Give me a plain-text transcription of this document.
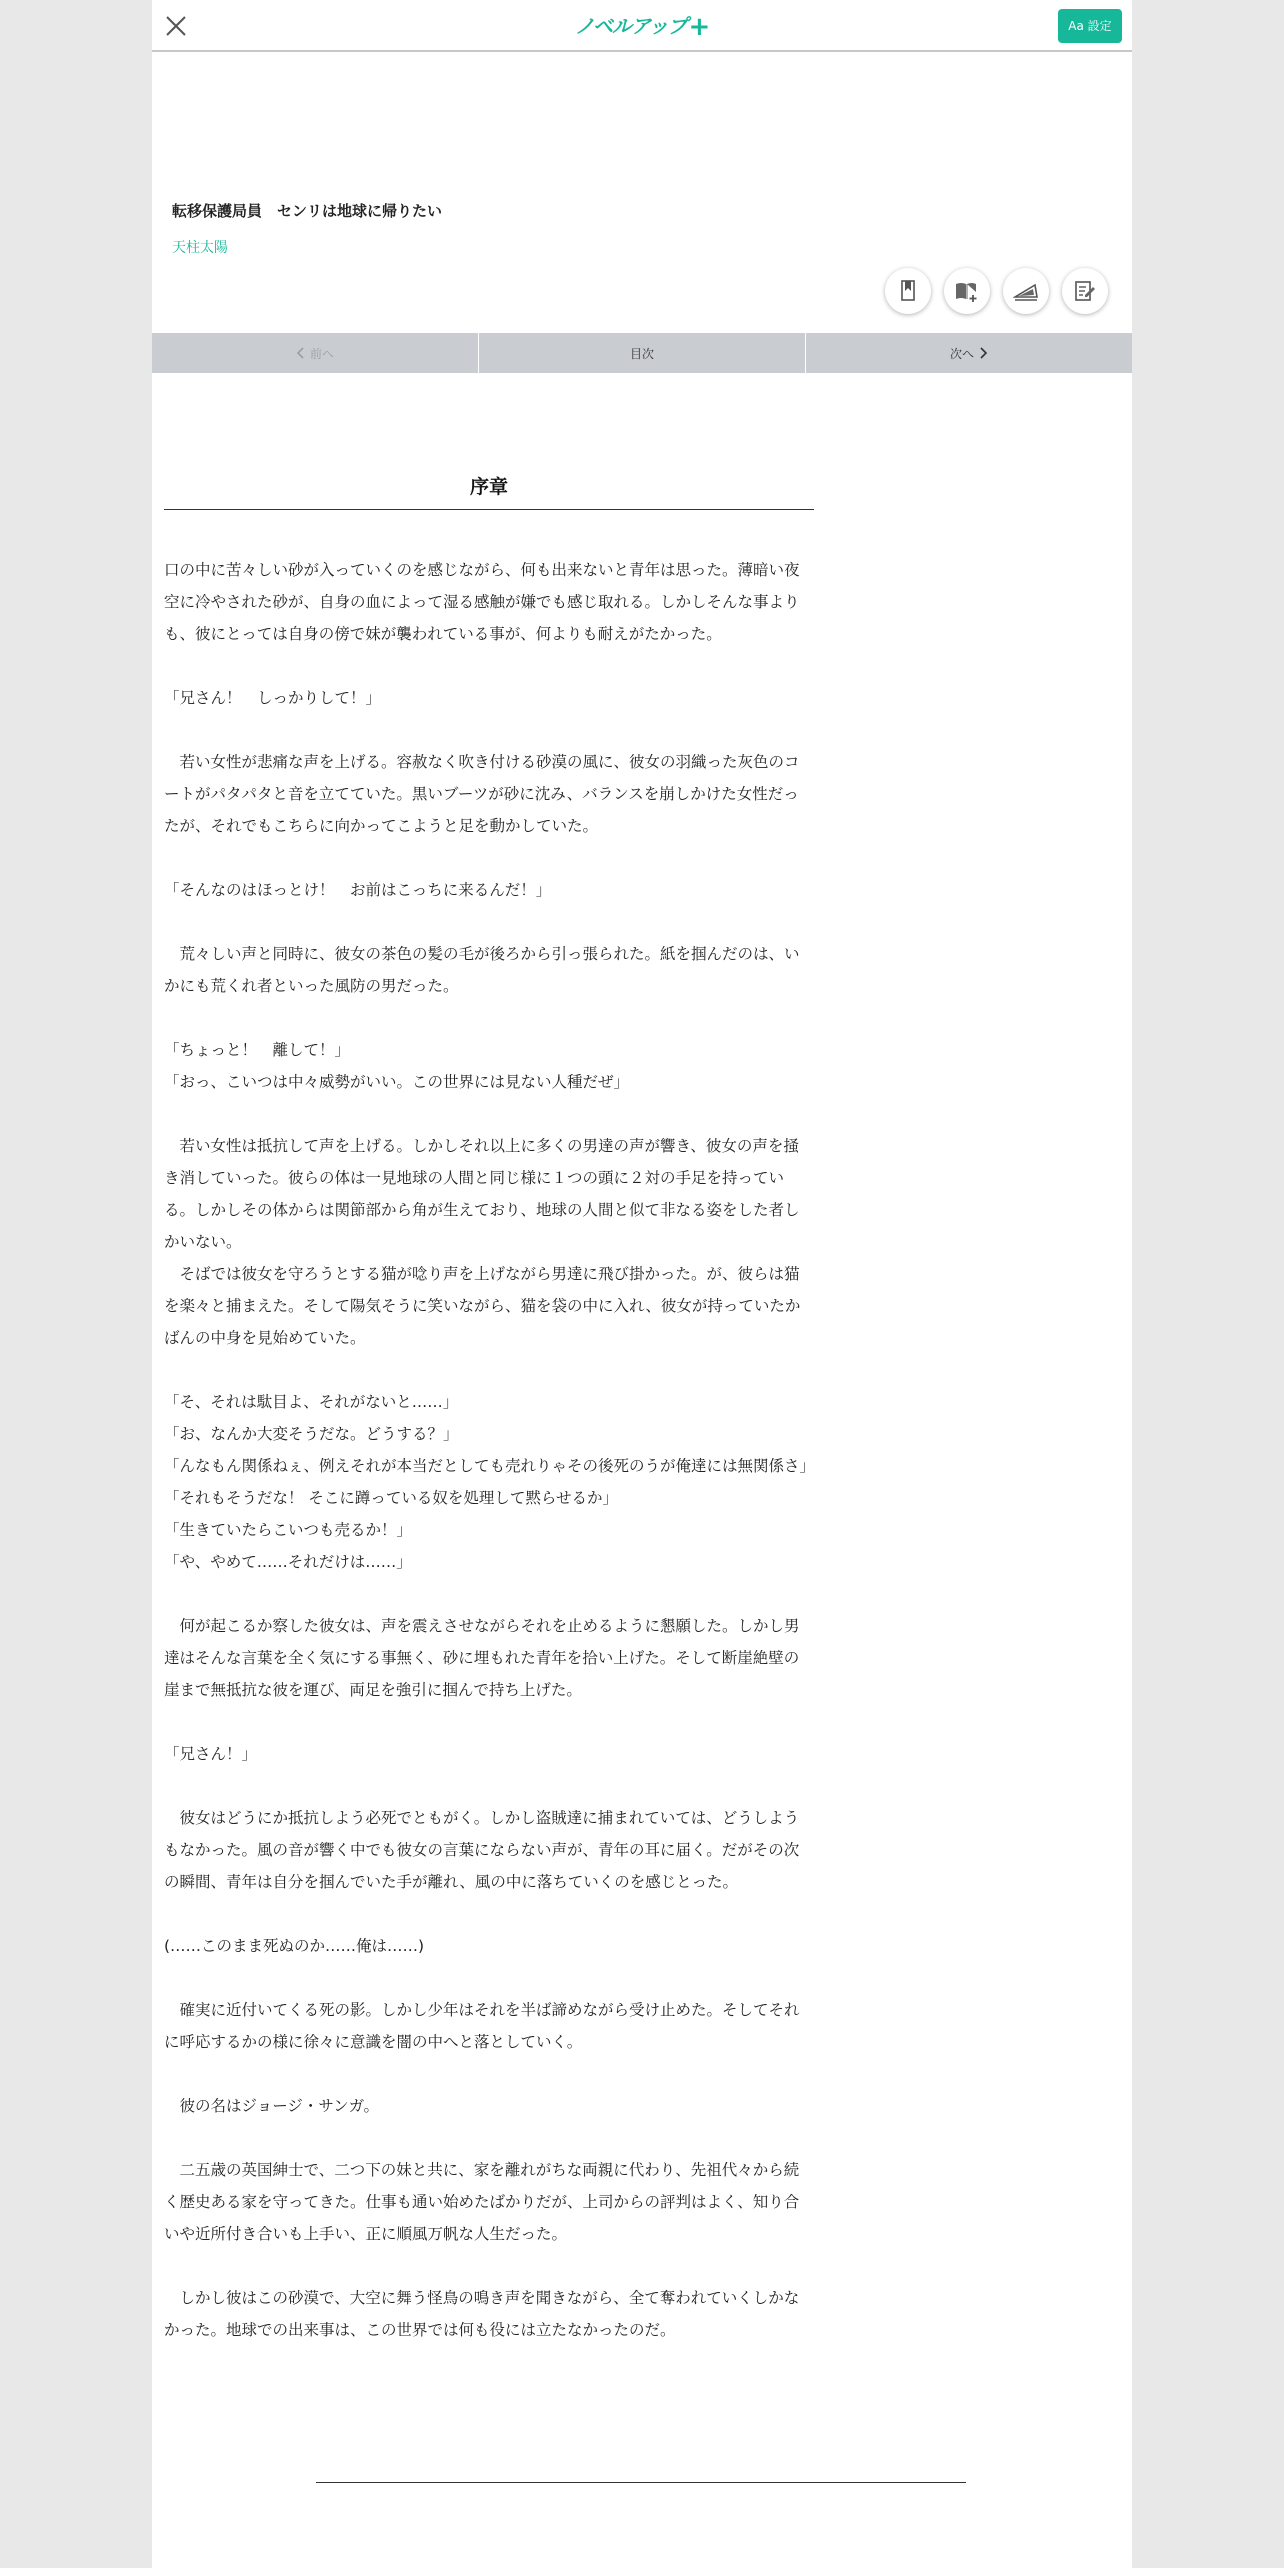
ノベルアップ+	Aa 設定
転移保護局員　センリは地球に帰りたい
天柱太陽
前へ	目次	次へ
序章

口の中に苦々しい砂が入っていくのを感じながら、何も出来ないと青年は思った。薄暗い夜空に冷やされた砂が、自身の血によって湿る感触が嫌でも感じ取れる。しかしそんな事よりも、彼にとっては自身の傍で妹が襲われている事が、何よりも耐えがたかった。

「兄さん！　しっかりして！」

　若い女性が悲痛な声を上げる。容赦なく吹き付ける砂漠の風に、彼女の羽織った灰色のコートがパタパタと音を立てていた。黒いブーツが砂に沈み、バランスを崩しかけた女性だったが、それでもこちらに向かってこようと足を動かしていた。

「そんなのはほっとけ！　お前はこっちに来るんだ！」

　荒々しい声と同時に、彼女の茶色の髪の毛が後ろから引っ張られた。紙を掴んだのは、いかにも荒くれ者といった風防の男だった。

「ちょっと！　離して！」

「おっ、こいつは中々威勢がいい。この世界には見ない人種だぜ」

　若い女性は抵抗して声を上げる。しかしそれ以上に多くの男達の声が響き、彼女の声を掻き消していった。彼らの体は一見地球の人間と同じ様に１つの頭に２対の手足を持っている。しかしその体からは関節部から角が生えており、地球の人間と似て非なる姿をした者しかいない。

　そばでは彼女を守ろうとする猫が唸り声を上げながら男達に飛び掛かった。が、彼らは猫を楽々と捕まえた。そして陽気そうに笑いながら、猫を袋の中に入れ、彼女が持っていたかばんの中身を見始めていた。

「そ、それは駄目よ、それがないと……」

「お、なんか大変そうだな。どうする？」

「んなもん関係ねぇ、例えそれが本当だとしても売れりゃその後死のうが俺達には無関係さ」

「それもそうだな！ そこに蹲っている奴を処理して黙らせるか」

「生きていたらこいつも売るか！」

「や、やめて……それだけは……」

　何が起こるか察した彼女は、声を震えさせながらそれを止めるように懇願した。しかし男達はそんな言葉を全く気にする事無く、砂に埋もれた青年を拾い上げた。そして断崖絶壁の崖まで無抵抗な彼を運び、両足を強引に掴んで持ち上げた。

「兄さん！」

　彼女はどうにか抵抗しよう必死でともがく。しかし盗賊達に捕まれていては、どうしようもなかった。風の音が響く中でも彼女の言葉にならない声が、青年の耳に届く。だがその次の瞬間、青年は自分を掴んでいた手が離れ、風の中に落ちていくのを感じとった。

(……このまま死ぬのか……俺は……)

　確実に近付いてくる死の影。しかし少年はそれを半ば諦めながら受け止めた。そしてそれに呼応するかの様に徐々に意識を闇の中へと落としていく。

　彼の名はジョージ・サンガ。

　二五歳の英国紳士で、二つ下の妹と共に、家を離れがちな両親に代わり、先祖代々から続く歴史ある家を守ってきた。仕事も通い始めたばかりだが、上司からの評判はよく、知り合いや近所付き合いも上手い、正に順風万帆な人生だった。

　しかし彼はこの砂漠で、大空に舞う怪鳥の鳴き声を聞きながら、全て奪われていくしかなかった。地球での出来事は、この世界では何も役には立たなかったのだ。
